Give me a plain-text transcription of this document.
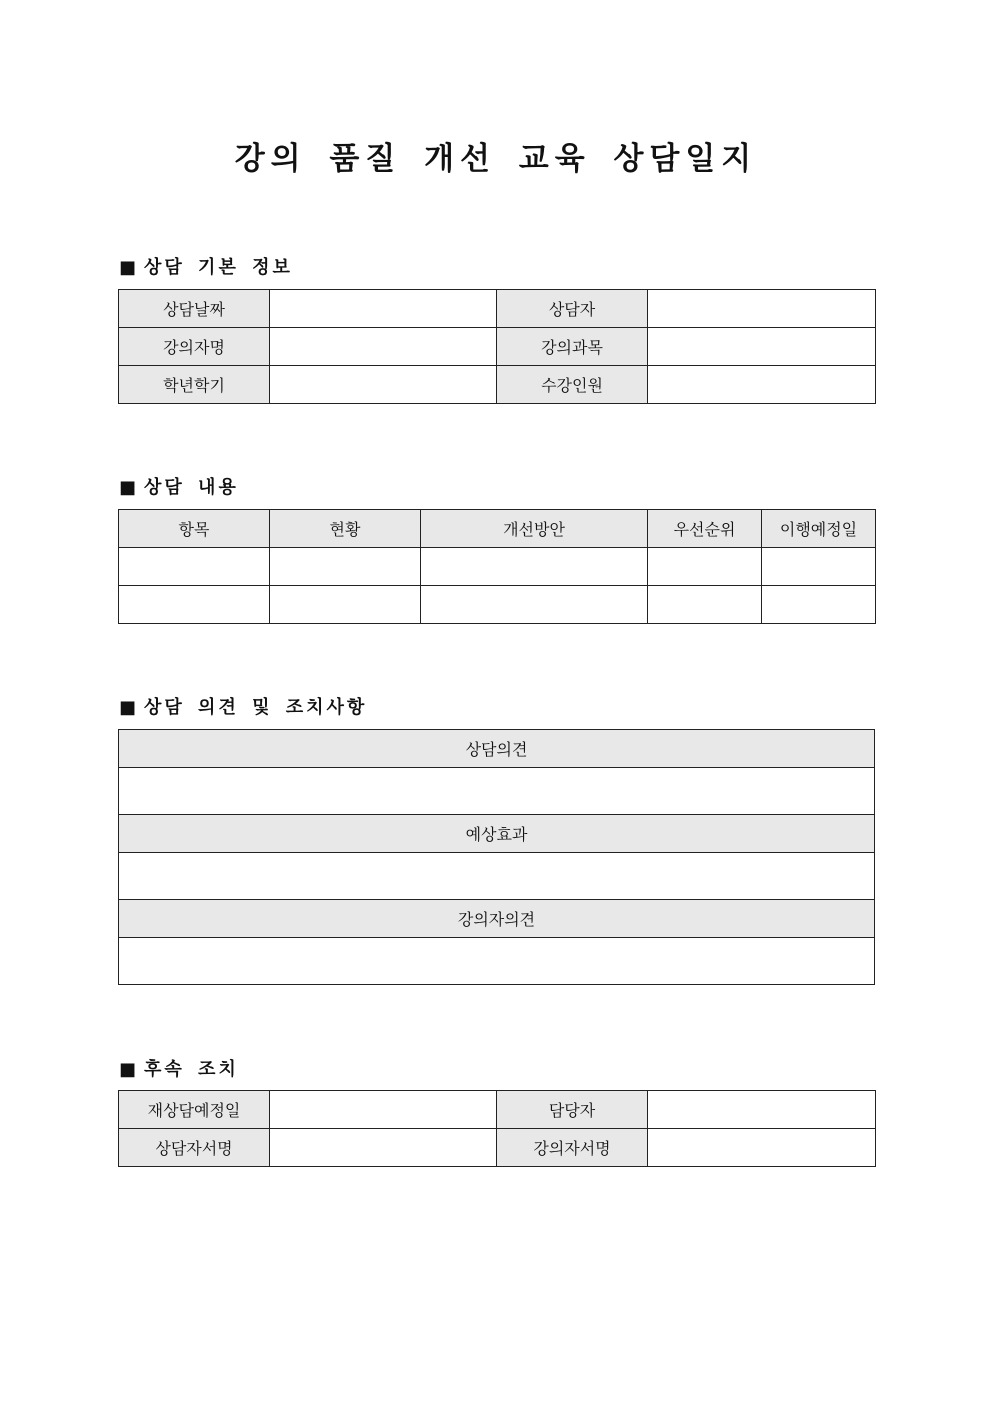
강의 품질 개선 교육 상담일지
■ 상담 기본 정보
상담날짜		상담자	
강의자명		강의과목	
학년학기		수강인원	
■ 상담 내용
항목	현황	개선방안	우선순위	이행예정일

■ 상담 의견 및 조치사항
상담의견

예상효과

강의자의견

■ 후속 조치
재상담예정일		담당자	
상담자서명		강의자서명	
